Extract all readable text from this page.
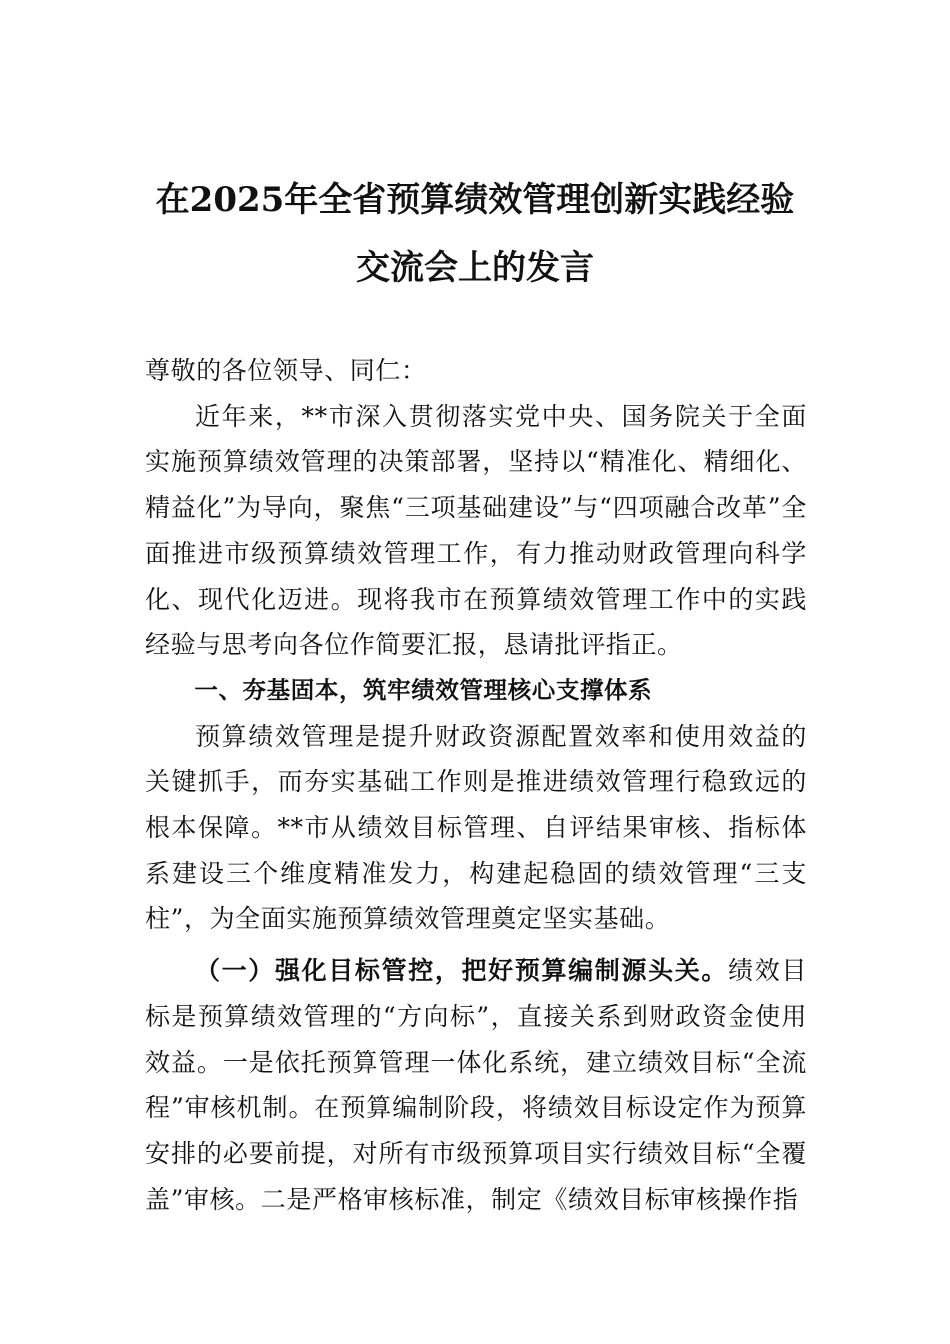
在2025年全省预算绩效管理创新实践经验
交流会上的发言

尊敬的各位领导、同仁：

近年来，**市深入贯彻落实党中央、国务院关于全面实施预算绩效管理的决策部署，坚持以“精准化、精细化、精益化”为导向，聚焦“三项基础建设”与“四项融合改革”全面推进市级预算绩效管理工作，有力推动财政管理向科学化、现代化迈进。现将我市在预算绩效管理工作中的实践经验与思考向各位作简要汇报，恳请批评指正。

一、夯基固本，筑牢绩效管理核心支撑体系

预算绩效管理是提升财政资源配置效率和使用效益的关键抓手，而夯实基础工作则是推进绩效管理行稳致远的根本保障。**市从绩效目标管理、自评结果审核、指标体系建设三个维度精准发力，构建起稳固的绩效管理“三支柱”，为全面实施预算绩效管理奠定坚实基础。

（一）强化目标管控，把好预算编制源头关。绩效目标是预算绩效管理的“方向标”，直接关系到财政资金使用效益。一是依托预算管理一体化系统，建立绩效目标“全流程”审核机制。在预算编制阶段，将绩效目标设定作为预算安排的必要前提，对所有市级预算项目实行绩效目标“全覆盖”审核。二是严格审核标准，制定《绩效目标审核操作指
